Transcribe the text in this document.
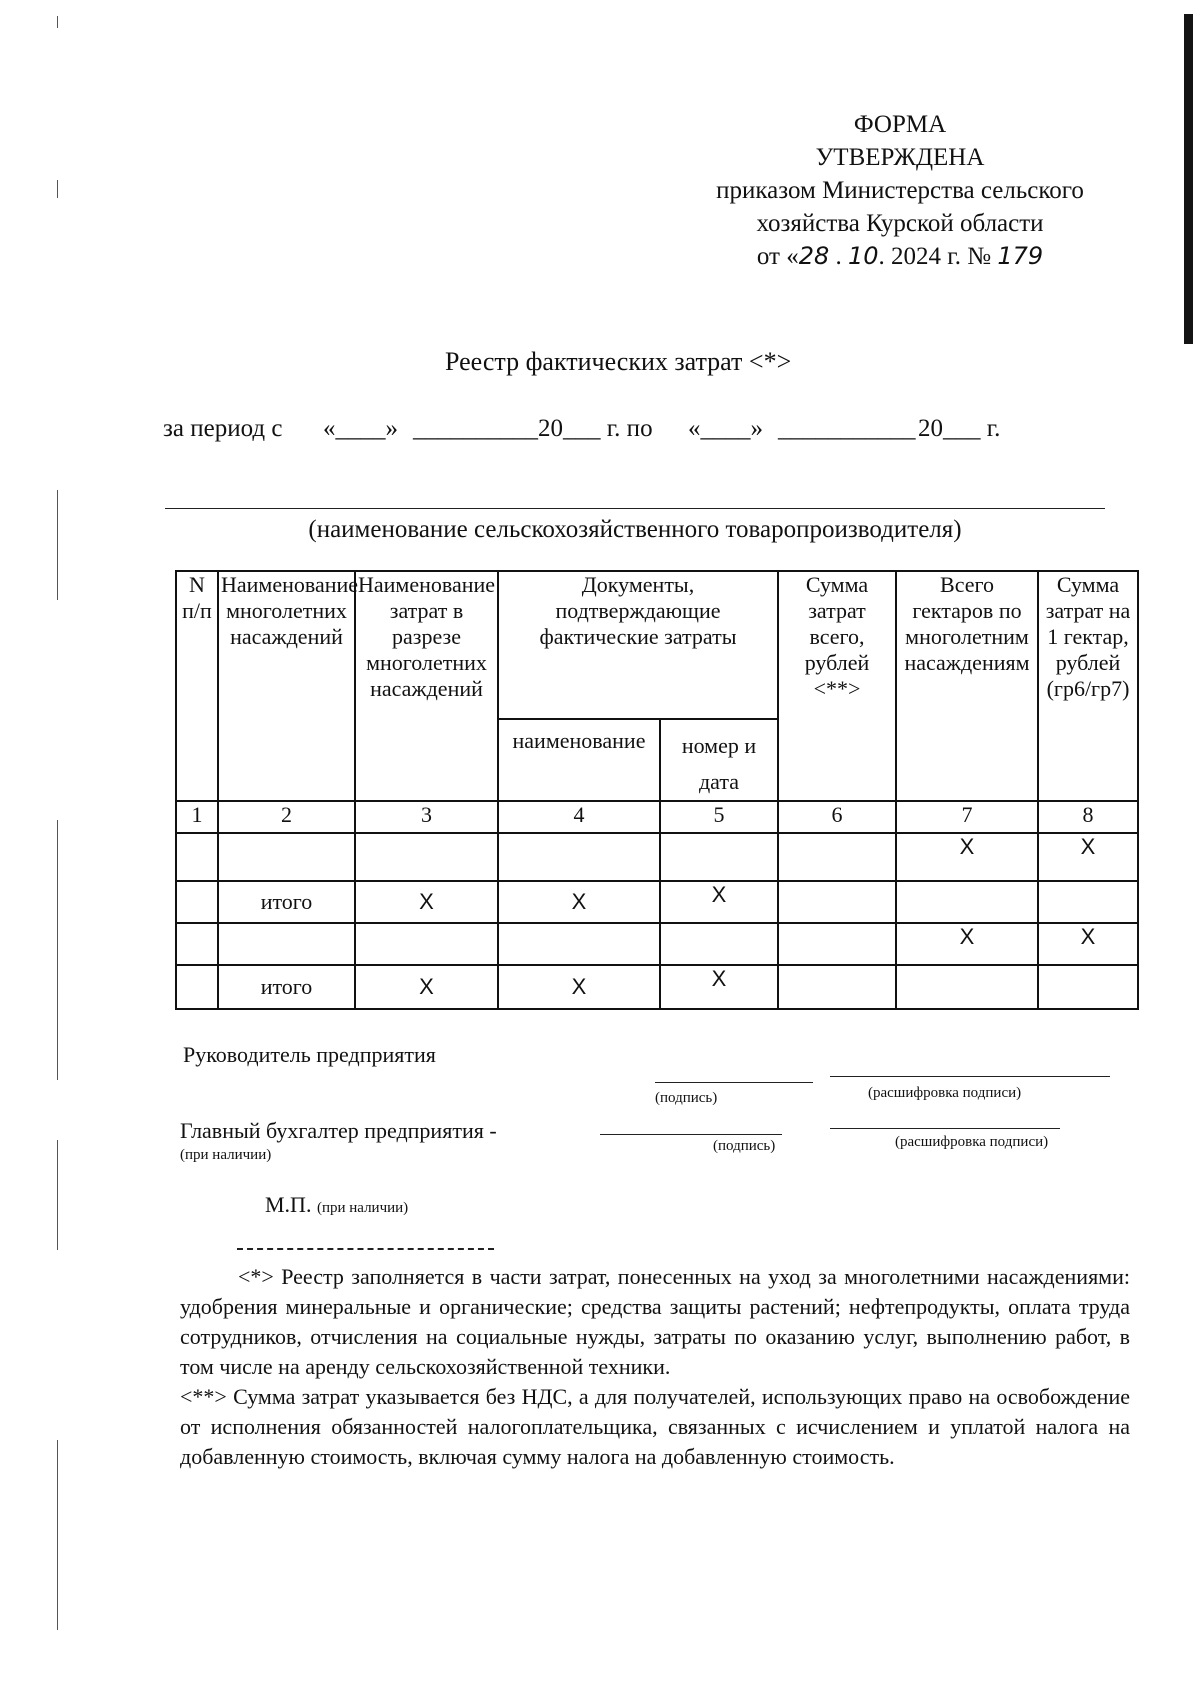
ФОРМА
УТВЕРЖДЕНА
приказом Министерства сельского
хозяйства Курской области
от «28 . 10. 2024 г. № 179
Реестр фактических затрат <*>
за период с «____» __________ 20___ г. по «____» ___________ 20___ г.
(наименование сельскохозяйственного товаропроизводителя)
N п/п	Наименование многолетних насаждений	Наименование затрат в разрезе многолетних насаждений	Документы, подтверждающие фактические затраты		Сумма затрат всего, рублей <**>	Всего гектаров по многолетним насаждениям	Сумма затрат на 1 гектар, рублей (гр6/гр7)
			наименование	номер и дата			
1	2	3	4	5	6	7	8
						X	X
	итого	X	X	X			
						X	X
	итого	X	X	X			
Руководитель предприятия
(подпись)	(расшифровка подписи)
Главный бухгалтер предприятия -
(при наличии)
(подпись)	(расшифровка подписи)
М.П. (при наличии)

<*> Реестр заполняется в части затрат, понесенных на уход за многолетними насаждениями: удобрения минеральные и органические; средства защиты растений; нефтепродукты, оплата труда сотрудников, отчисления на социальные нужды, затраты по оказанию услуг, выполнению работ, в том числе на аренду сельскохозяйственной техники.

<**> Сумма затрат указывается без НДС, а для получателей, использующих право на освобождение от исполнения обязанностей налогоплательщика, связанных с исчислением и уплатой налога на добавленную стоимость, включая сумму налога на добавленную стоимость.
